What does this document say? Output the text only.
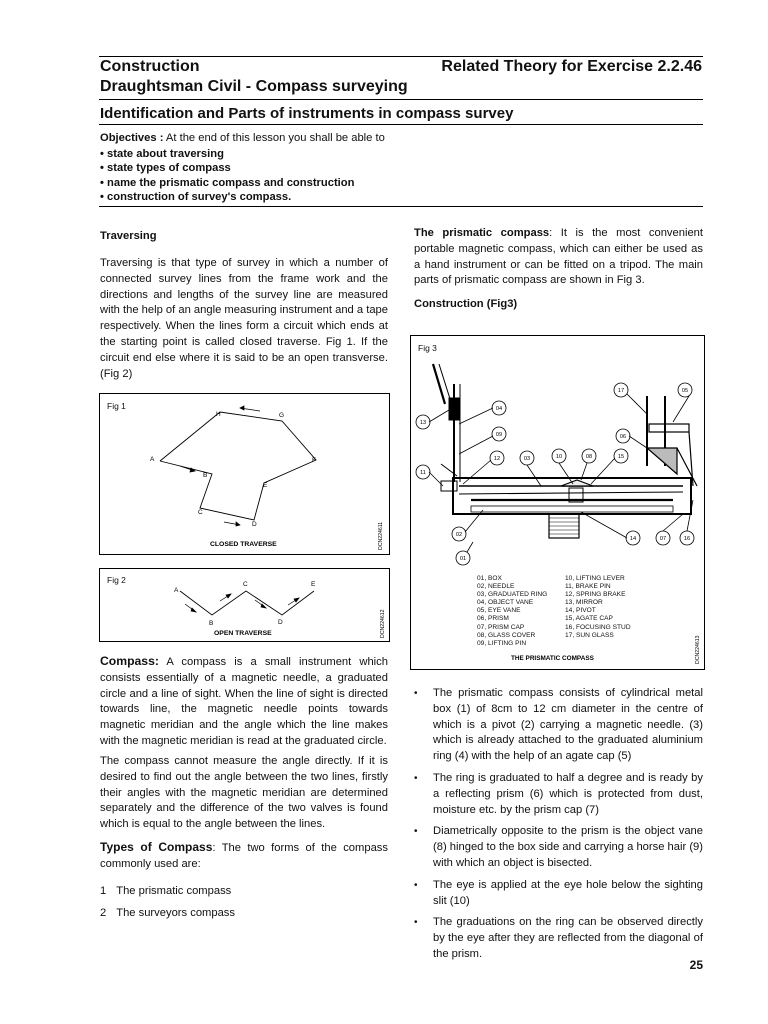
Construction	Related Theory for Exercise 2.2.46
Draughtsman Civil - Compass surveying
Identification and Parts of instruments in compass survey
Objectives : At the end of this lesson you shall be able to
• state about traversing
• state types of compass
• name the prismatic compass and construction
• construction of survey's compass.
Traversing
Traversing is that type of survey in which a number of connected survey lines from the frame work and the directions and lengths of the survey line are measured with the help of an angle measuring instrument and a tape respectively. When the lines form a circuit which ends at the starting point is called closed traverse. Fig 1. If the circuit end else where it is said to be an open transverse. (Fig 2)
Fig 1
H	G
A	F
B
E
C
D
CLOSED TRAVERSE	DCN224611
Fig 2
A
B
C
D
E
OPEN TRAVERSE	DCN224612
Compass: A compass is a small instrument which consists essentially of a magnetic needle, a graduated circle and a line of sight. When the line of sight is directed towards line, the magnetic needle points towards magnetic meridian and the angle which the line makes with the magnetic meridian is read at the graduated circle.
The compass cannot measure the angle directly. If it is desired to find out the angle between the two lines, firstly their angles with the magnetic meridian are determined separately and the difference of the two valves is found which is equal to the angle between the lines.
Types of Compass: The two forms of the compass commonly used are:
1 The prismatic compass
2 The surveyors compass
The prismatic compass: It is the most convenient portable magnetic compass, which can either be used as a hand instrument or can be fitted on a tripod. The main parts of prismatic compass are shown in Fig 3.
Construction (Fig3)
Fig 3
17	05
13
04
09	06
12	03	10	08	15
11
02
14	07	16
01
THE PRISMATIC COMPASS	DCN224613
01, BOX
02, NEEDLE
03, GRADUATED RING
04, OBJECT VANE
05, EYE VANE
06, PRISM
07, PRISM CAP
08, GLASS COVER
09, LIFTING PIN
10, LIFTING LEVER
11, BRAKE PIN
12, SPRING BRAKE
13, MIRROR
14, PIVOT
15, AGATE CAP
16, FOCUSING STUD
17, SUN GLASS
• The prismatic compass consists of cylindrical metal box (1) of 8cm to 12 cm diameter in the centre of which is a pivot (2) carrying a magnetic needle. (3) which is already attached to the graduated aluminium ring (4) with the help of an agate cap (5)
• The ring is graduated to half a degree and is ready by a reflecting prism (6) which is protected from dust, moisture etc. by the prism cap (7)
• Diametrically opposite to the prism is the object vane (8) hinged to the box side and carrying a horse hair (9) with which an object is bisected.
• The eye is applied at the eye hole below the sighting slit (10)
• The graduations on the ring can be observed directly by the eye after they are reflected from the diagonal of the prism.
25
